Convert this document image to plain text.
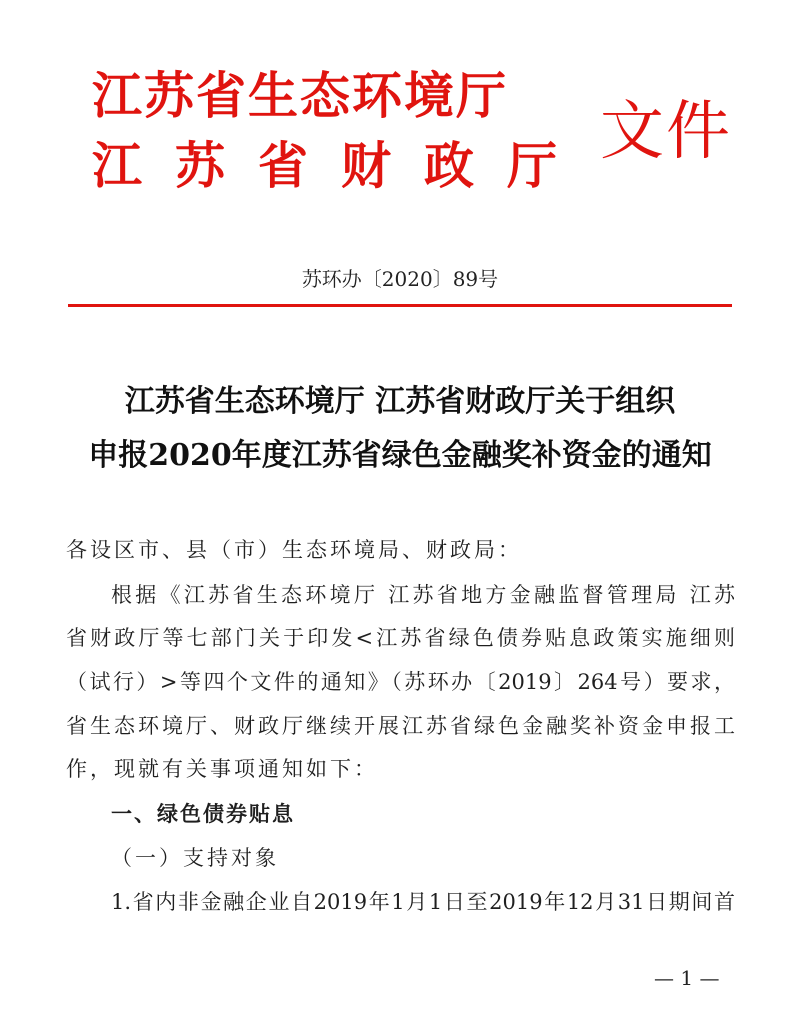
江苏省生态环境厅
江苏省财政厅 文件
苏环办〔2020〕89号
江苏省生态环境厅 江苏省财政厅关于组织
申报2020年度江苏省绿色金融奖补资金的通知
各设区市、县（市）生态环境局、财政局：
根据《江苏省生态环境厅 江苏省地方金融监督管理局 江苏
省财政厅等七部门关于印发<江苏省绿色债券贴息政策实施细则
（试行）>等四个文件的通知》（苏环办〔2019〕264号）要求，
省生态环境厅、财政厅继续开展江苏省绿色金融奖补资金申报工
作，现就有关事项通知如下：
一、绿色债券贴息
（一）支持对象
1.省内非金融企业自2019年1月1日至2019年12月31日期间首
— 1 —
